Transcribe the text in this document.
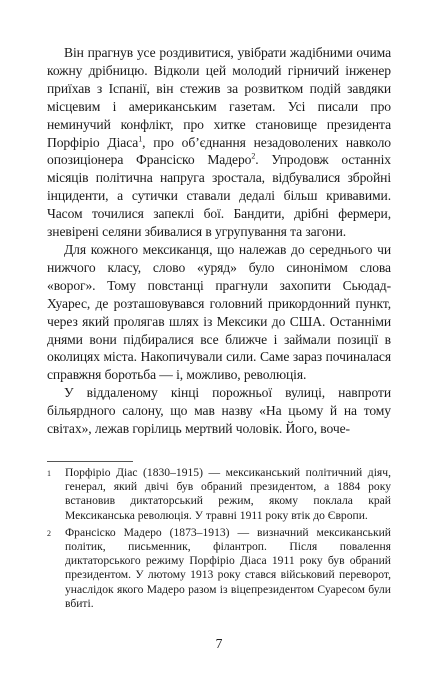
Він прагнув усе роздивитися, увібрати жадібними очима кожну дрібницю. Відколи цей молодий гірничий інженер приїхав з Іспанії, він стежив за розвитком подій завдяки місцевим і американським газетам. Усі писали про неминучий конфлікт, про хитке становище президента Порфіріо Діаса$^1$, про об’єднання незадоволених навколо опозиціонера Франсіско Мадеро$^2$. Упродовж останніх місяців політична напруга зростала, відбувалися збройні інциденти, а сутички ставали дедалі більш кривавими. Часом точилися запеклі бої. Бандити, дрібні фермери, зневірені селяни збивалися в угрупування та загони.

Для кожного мексиканця, що належав до середнього чи нижчого класу, слово «уряд» було синонімом слова «ворог». Тому повстанці прагнули захопити Сьюдад-Хуарес, де розташовувався головний прикордонний пункт, через який пролягав шлях із Мексики до США. Останніми днями вони підбиралися все ближче і займали позиції в околицях міста. Накопичували сили. Саме зараз починалася справжня боротьба — і, можливо, революція.

У віддаленому кінці порожньої вулиці, навпроти більярдного салону, що мав назву «На цьому й на тому світах», лежав горілиць мертвий чоловік. Його, воче-

1	Порфіріо Діас (1830–1915) — мексиканський політичний діяч, генерал, який двічі був обраний президентом, а 1884 року встановив диктаторський режим, якому поклала край Мексиканська революція. У травні 1911 року втік до Європи.
2	Франсіско Мадеро (1873–1913) — визначний мексиканський політик, письменник, філантроп. Після повалення диктаторського режиму Порфіріо Діаса 1911 року був обраний президентом. У лютому 1913 року стався військовий переворот, унаслідок якого Мадеро разом із віцепрезидентом Суаресом були вбиті.
7
